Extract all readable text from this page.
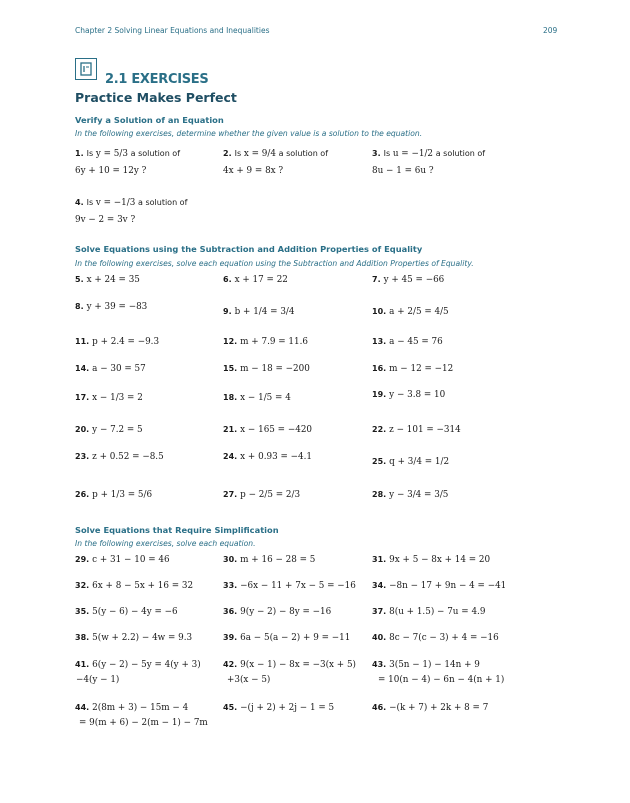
Chapter 2 Solving Linear Equations and Inequalities	209
2.1 EXERCISES
Practice Makes Perfect
Verify a Solution of an Equation
In the following exercises, determine whether the given value is a solution to the equation.
Solve Equations using the Subtraction and Addition Properties of Equality
In the following exercises, solve each equation using the Subtraction and Addition Properties of Equality.
Solve Equations that Require Simplification
In the following exercises, solve each equation.
1. Is y = 5/3 a solution of
6y + 10 = 12y ?
2. Is x = 9/4 a solution of
4x + 9 = 8x ?
3. Is u = −1/2 a solution of
8u − 1 = 6u ?
4. Is v = −1/3 a solution of
9v − 2 = 3v ?
5. x + 24 = 35	6. x + 17 = 22	7. y + 45 = −66
8. y + 39 = −83	9. b + 1/4 = 3/4	10. a + 2/5 = 4/5
11. p + 2.4 = −9.3	12. m + 7.9 = 11.6	13. a − 45 = 76
14. a − 30 = 57	15. m − 18 = −200	16. m − 12 = −12
17. x − 1/3 = 2	18. x − 1/5 = 4	19. y − 3.8 = 10
20. y − 7.2 = 5	21. x − 165 = −420	22. z − 101 = −314
23. z + 0.52 = −8.5	24. x + 0.93 = −4.1	25. q + 3/4 = 1/2
26. p + 1/3 = 5/6	27. p − 2/5 = 2/3	28. y − 3/4 = 3/5
29. c + 31 − 10 = 46	30. m + 16 − 28 = 5	31. 9x + 5 − 8x + 14 = 20
32. 6x + 8 − 5x + 16 = 32	33. −6x − 11 + 7x − 5 = −16 34. −8n − 17 + 9n − 4 = −41
35. 5(y − 6) − 4y = −6	36. 9(y − 2) − 8y = −16	37. 8(u + 1.5) − 7u = 4.9
38. 5(w + 2.2) − 4w = 9.3	39. 6a − 5(a − 2) + 9 = −11	40. 8c − 7(c − 3) + 4 = −16
41. 6(y − 2) − 5y = 4(y + 3)
−4(y − 1)
42. 9(x − 1) − 8x = −3(x + 5)
+3(x − 5)
43. 3(5n − 1) − 14n + 9
= 10(n − 4) − 6n − 4(n + 1)
44. 2(8m + 3) − 15m − 4
= 9(m + 6) − 2(m − 1) − 7m
45. −(j + 2) + 2j − 1 = 5	46. −(k + 7) + 2k + 8 = 7
